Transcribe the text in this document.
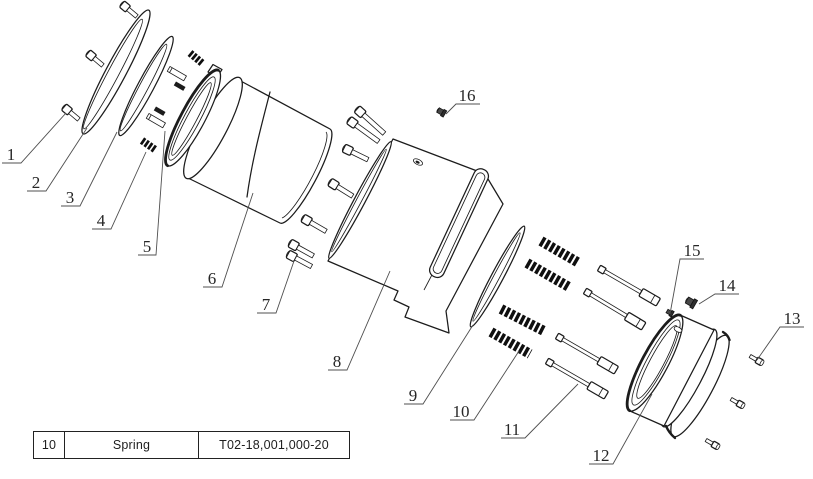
1
2
3
4
5
6
7
8
9
10
11
12
13
14
15
16
10	Spring	T02-18,001,000-20
